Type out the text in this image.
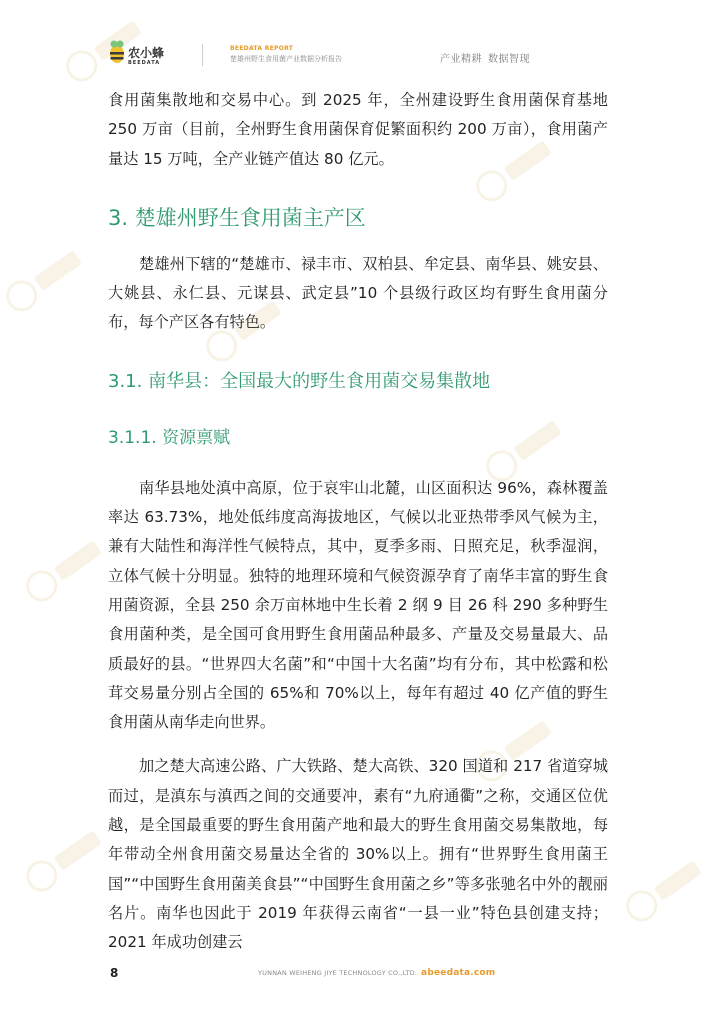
农小蜂
BEEDATA
BEEDATA REPORT
楚雄州野生食用菌产业数据分析报告	产业精耕 数据智现

食用菌集散地和交易中心。到 2025 年，全州建设野生食用菌保育基地 250 万亩（目前，全州野生食用菌保育促繁面积约 200 万亩），食用菌产量达 15 万吨，全产业链产值达 80 亿元。

3. 楚雄州野生食用菌主产区

楚雄州下辖的“楚雄市、禄丰市、双柏县、牟定县、南华县、姚安县、大姚县、永仁县、元谋县、武定县”10 个县级行政区均有野生食用菌分布，每个产区各有特色。

3.1. 南华县：全国最大的野生食用菌交易集散地
3.1.1. 资源禀赋

南华县地处滇中高原，位于哀牢山北麓，山区面积达 96%，森林覆盖率达 63.73%，地处低纬度高海拔地区，气候以北亚热带季风气候为主，兼有大陆性和海洋性气候特点，其中，夏季多雨、日照充足，秋季湿润，立体气候十分明显。独特的地理环境和气候资源孕育了南华丰富的野生食用菌资源，全县 250 余万亩林地中生长着 2 纲 9 目 26 科 290 多种野生食用菌种类，是全国可食用野生食用菌品种最多、产量及交易量最大、品质最好的县。“世界四大名菌”和“中国十大名菌”均有分布，其中松露和松茸交易量分别占全国的 65%和 70%以上，每年有超过 40 亿产值的野生食用菌从南华走向世界。

加之楚大高速公路、广大铁路、楚大高铁、320 国道和 217 省道穿城而过，是滇东与滇西之间的交通要冲，素有“九府通衢”之称，交通区位优越，是全国最重要的野生食用菌产地和最大的野生食用菌交易集散地，每年带动全州食用菌交易量达全省的 30%以上。拥有“世界野生食用菌王国”“中国野生食用菌美食县”“中国野生食用菌之乡”等多张驰名中外的靓丽名片。南华也因此于 2019 年获得云南省“一县一业”特色县创建支持；2021 年成功创建云

8	YUNNAN WEIHENG JIYE TECHNOLOGY CO.,LTD. abeedata.com
